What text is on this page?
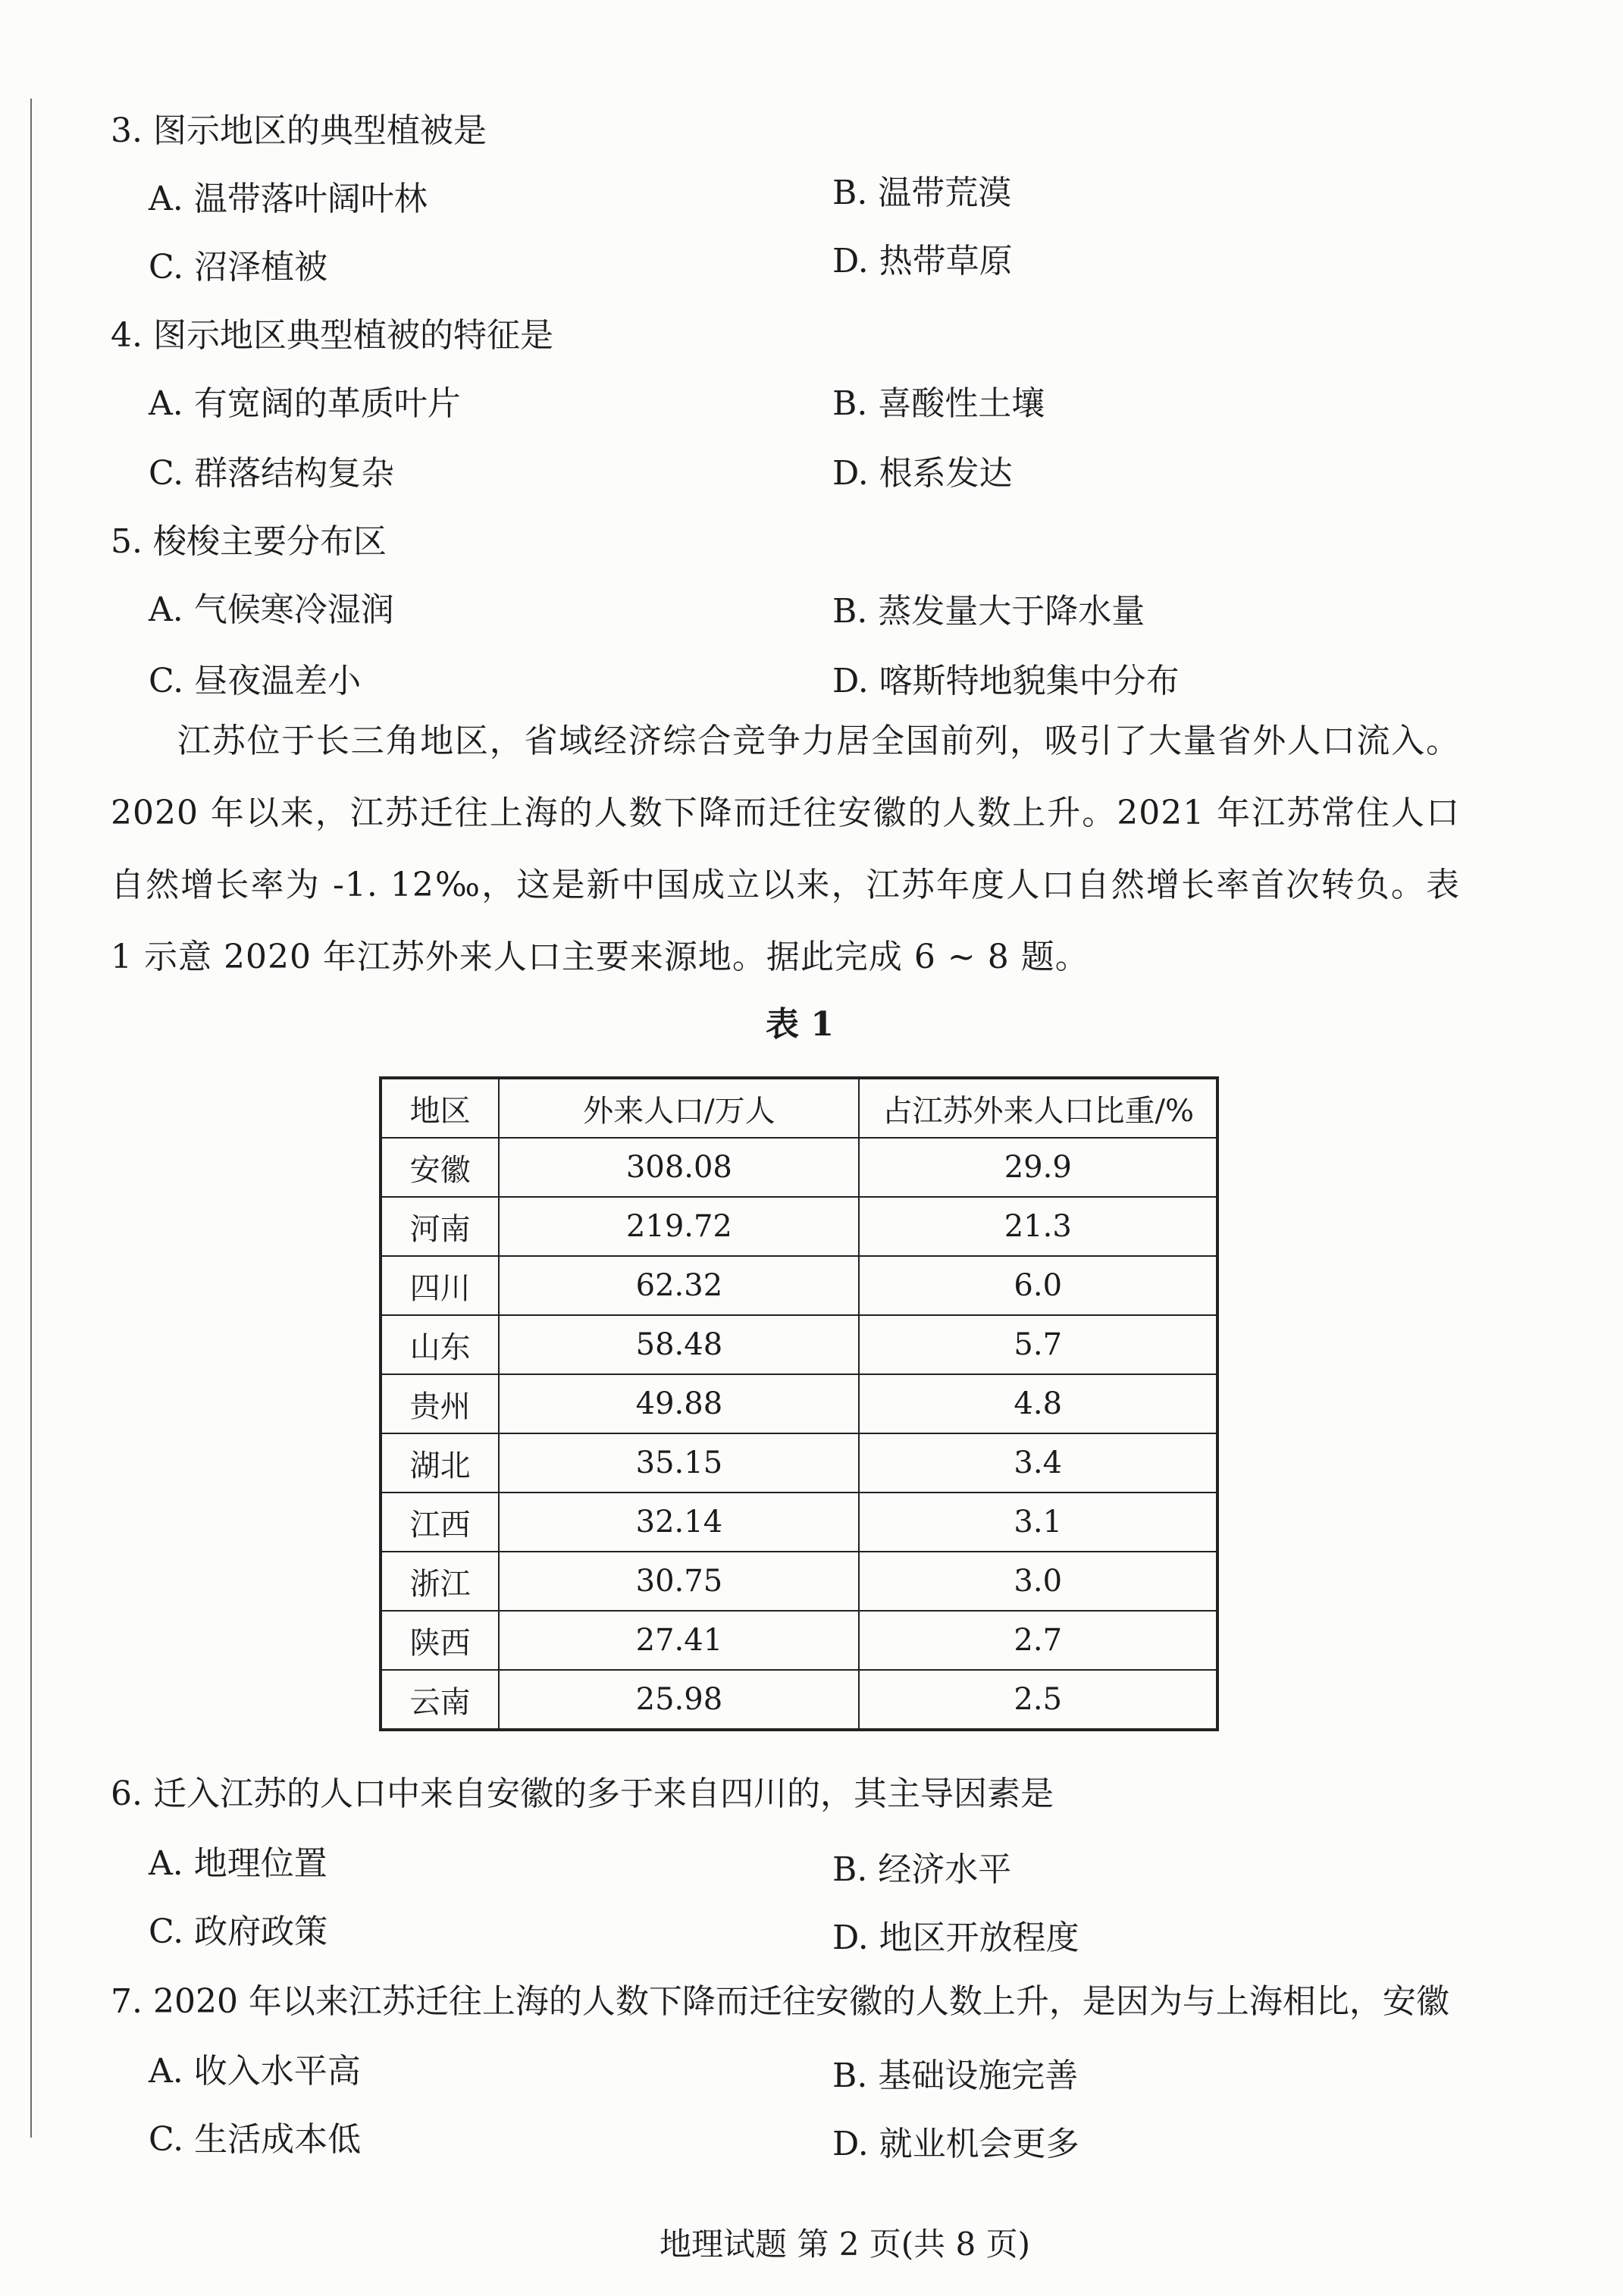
3. 图示地区的典型植被是
A. 温带落叶阔叶林	B. 温带荒漠
C. 沼泽植被	D. 热带草原
4. 图示地区典型植被的特征是
A. 有宽阔的革质叶片	B. 喜酸性土壤
C. 群落结构复杂	D. 根系发达
5. 梭梭主要分布区
A. 气候寒冷湿润	B. 蒸发量大于降水量
C. 昼夜温差小	D. 喀斯特地貌集中分布
江苏位于长三角地区，省域经济综合竞争力居全国前列，吸引了大量省外人口流入。2020 年以来，江苏迁往上海的人数下降而迁往安徽的人数上升。2021 年江苏常住人口自然增长率为 -1. 12‰，这是新中国成立以来，江苏年度人口自然增长率首次转负。表 1 示意 2020 年江苏外来人口主要来源地。据此完成 6 ~ 8 题。
表 1
地区	外来人口/万人	占江苏外来人口比重/%
安徽	308.08	29.9
河南	219.72	21.3
四川	62.32	6.0
山东	58.48	5.7
贵州	49.88	4.8
湖北	35.15	3.4
江西	32.14	3.1
浙江	30.75	3.0
陕西	27.41	2.7
云南	25.98	2.5
6. 迁入江苏的人口中来自安徽的多于来自四川的，其主导因素是
A. 地理位置	B. 经济水平
C. 政府政策	D. 地区开放程度
7. 2020 年以来江苏迁往上海的人数下降而迁往安徽的人数上升，是因为与上海相比，安徽
A. 收入水平高	B. 基础设施完善
C. 生活成本低	D. 就业机会更多
地理试题 第 2 页(共 8 页)
